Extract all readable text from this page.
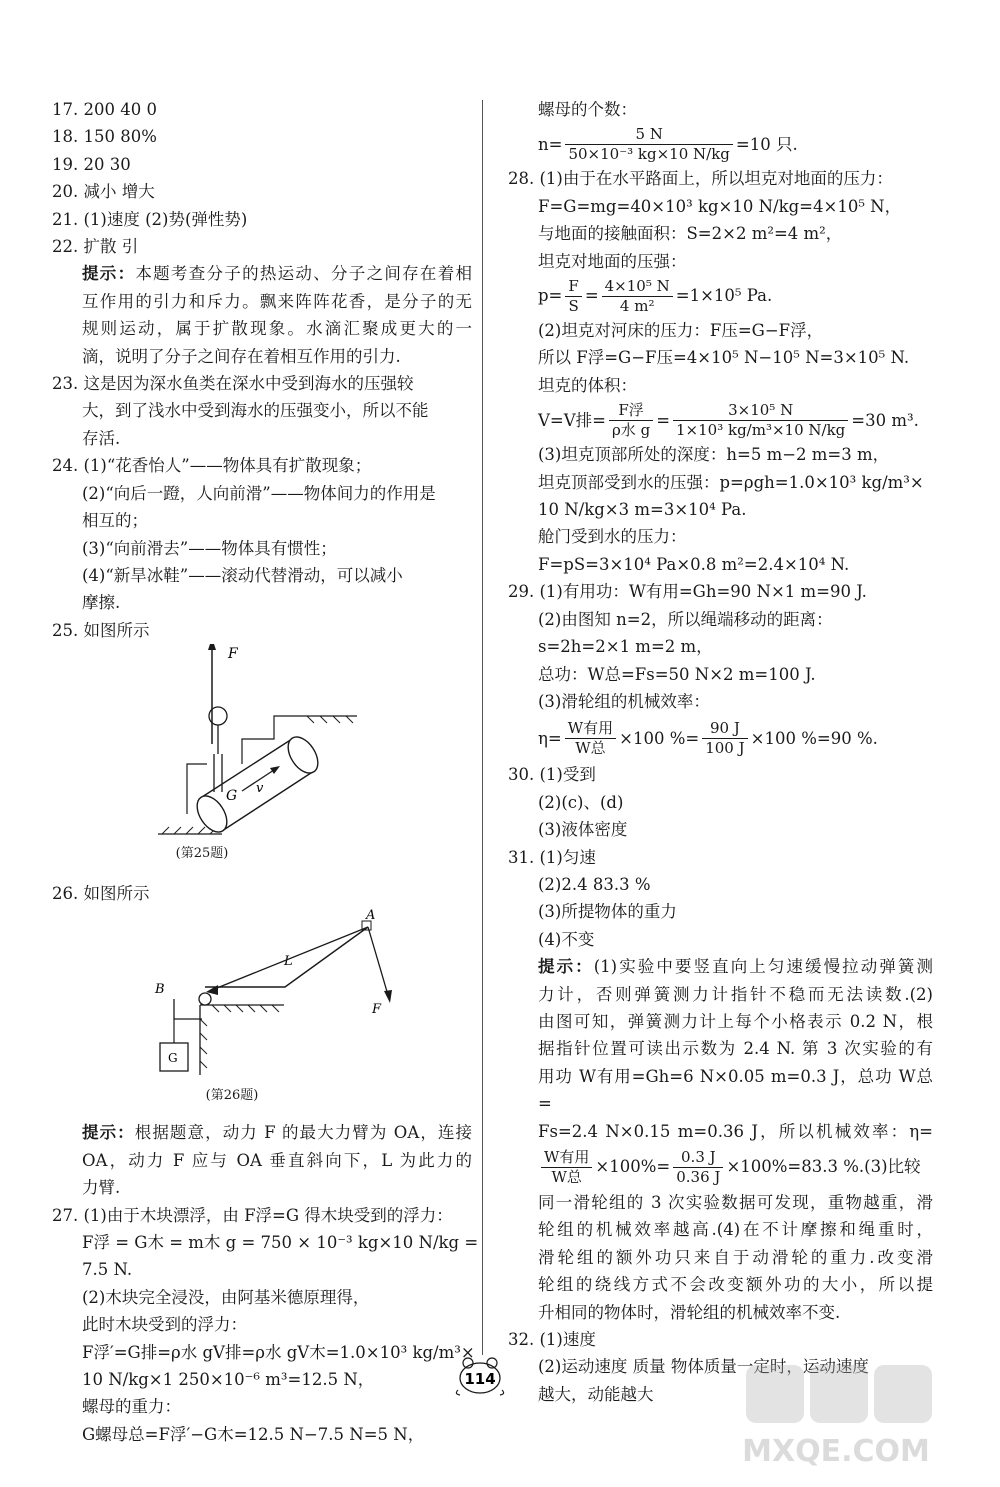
17. 200 40 0
18. 150 80%
19. 20 30
20. 减小 增大
21. (1)速度 (2)势(弹性势)
22. 扩散 引
提示：本题考查分子的热运动、分子之间存在着相
互作用的引力和斥力。飘来阵阵花香，是分子的无
规则运动，属于扩散现象。水滴汇聚成更大的一
滴，说明了分子之间存在着相互作用的引力.
23. 这是因为深水鱼类在深水中受到海水的压强较
大，到了浅水中受到海水的压强变小，所以不能
存活.
24. (1)“花香怡人”——物体具有扩散现象；
(2)“向后一蹬，人向前滑”——物体间力的作用是
相互的；
(3)“向前滑去”——物体具有惯性；
(4)“新旱冰鞋”——滚动代替滑动，可以减小
摩擦.
25. 如图所示
F
G v
(第25题)
26. 如图所示
A
B
L
F
G
(第26题)
提示：根据题意，动力 F 的最大力臂为 OA，连接
OA，动力 F 应与 OA 垂直斜向下，L 为此力的
力臂.
27. (1)由于木块漂浮，由 F浮=G 得木块受到的浮力：
F浮 = G木 = m木 g = 750 × 10⁻³ kg×10 N/kg =
7.5 N.
(2)木块完全浸没，由阿基米德原理得，
此时木块受到的浮力：
F浮′=G排=ρ水 gV排=ρ水 gV木=1.0×10³ kg/m³×
10 N/kg×1 250×10⁻⁶ m³=12.5 N，
螺母的重力：
G螺母总=F浮′−G木=12.5 N−7.5 N=5 N，
螺母的个数：
$n= \frac{5 N}{\text{50×10⁻³ kg×10 N/kg}} =10$ 只.
28. (1)由于在水平路面上，所以坦克对地面的压力：
F=G=mg=40×10³ kg×10 N/kg=4×10⁵ N，
与地面的接触面积：S=2×2 m²=4 m²，
坦克对地面的压强：
$p= \frac{F}{S} = \frac{\text{4×10⁵ N}}{\text{4 m²}} =1\times 10^5$ Pa.
(2)坦克对河床的压力：F压=G−F浮，
所以 F浮=G−F压=4×10⁵ N−10⁵ N=3×10⁵ N.
坦克的体积：
V=V排= $\frac{\text{F浮}}{\text{ρ水 g}} = \frac{\text{3×10⁵ N}}{\text{1×10³ kg/m³×10 N/kg}} =30$ m³.
(3)坦克顶部所处的深度：h=5 m−2 m=3 m，
坦克顶部受到水的压强：p=ρgh=1.0×10³ kg/m³×
10 N/kg×3 m=3×10⁴ Pa.
舱门受到水的压力：
F=pS=3×10⁴ Pa×0.8 m²=2.4×10⁴ N.
29. (1)有用功：W有用=Gh=90 N×1 m=90 J.
(2)由图知 n=2，所以绳端移动的距离：
s=2h=2×1 m=2 m，
总功：W总=Fs=50 N×2 m=100 J.
(3)滑轮组的机械效率：
$\eta= \frac{\text{W有用}}{\text{W总}} \times 100$ %= $\frac{90 J}{100 J} \times 100$ %=90 %.
30. (1)受到
(2)(c)、(d)
(3)液体密度
31. (1)匀速
(2)2.4 83.3 %
(3)所提物体的重力
(4)不变
提示：(1)实验中要竖直向上匀速缓慢拉动弹簧测
力计，否则弹簧测力计指针不稳而无法读数.(2)
由图可知，弹簧测力计上每个小格表示 0.2 N，根
据指针位置可读出示数为 2.4 N. 第 3 次实验的有
用功 W有用=Gh=6 N×0.05 m=0.3 J，总功 W总=
Fs=2.4 N×0.15 m=0.36 J，所以机械效率：η=
$\frac{\text{W有用}}{\text{W总}} \times 100\%= \frac{0.3 J}{0.36 J} \times 100\%=83.3$ %.(3)比较
同一滑轮组的 3 次实验数据可发现，重物越重，滑
轮组的机械效率越高.(4)在不计摩擦和绳重时，
滑轮组的额外功只来自于动滑轮的重力.改变滑
轮组的绕线方式不会改变额外功的大小，所以提
升相同的物体时，滑轮组的机械效率不变.
32. (1)速度
(2)运动速度 质量 物体质量一定时，运动速度
越大，动能越大
114
MXQE.COM
